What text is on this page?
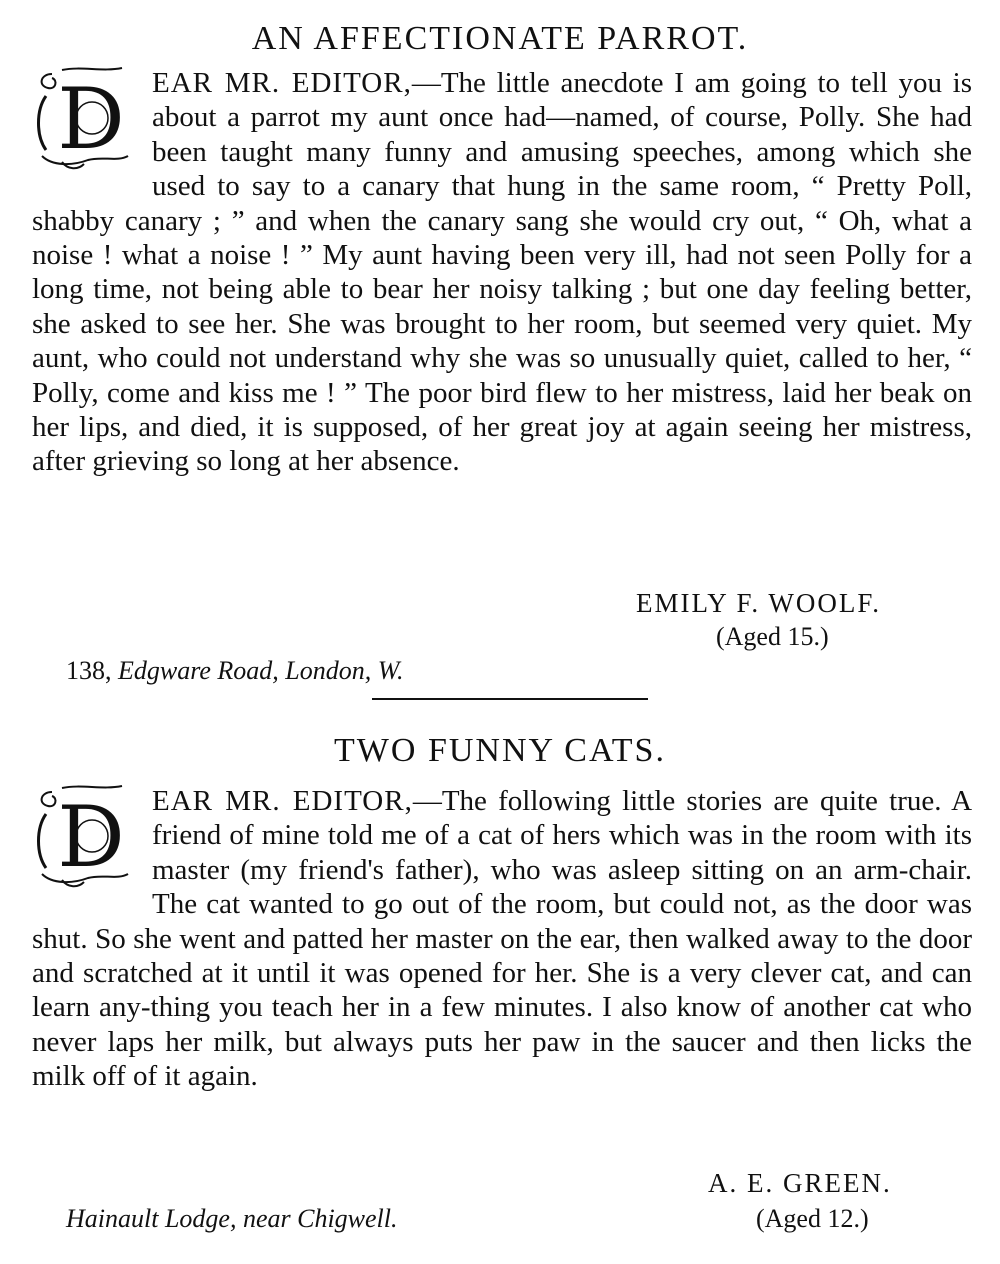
AN AFFECTIONATE PARROT.
D EAR MR. EDITOR,—The little anecdote I am going to tell you is about a parrot my aunt once had—named, of course, Polly. She had been taught many funny and amusing speeches, among which she used to say to a canary that hung in the same room, “ Pretty Poll, shabby canary ; ” and when the canary sang she would cry out, “ Oh, what a noise ! what a noise ! ” My aunt having been very ill, had not seen Polly for a long time, not being able to bear her noisy talking ; but one day feeling better, she asked to see her. She was brought to her room, but seemed very quiet. My aunt, who could not understand why she was so unusually quiet, called to her, “ Polly, come and kiss me ! ” The poor bird flew to her mistress, laid her beak on her lips, and died, it is supposed, of her great joy at again seeing her mistress, after grieving so long at her absence.

EMILY F. WOOLF.
(Aged 15.)
138, Edgware Road, London, W.
TWO FUNNY CATS.
D EAR MR. EDITOR,—The following little stories are quite true. A friend of mine told me of a cat of hers which was in the room with its master (my friend's father), who was asleep sitting on an arm-chair. The cat wanted to go out of the room, but could not, as the door was shut. So she went and patted her master on the ear, then walked away to the door and scratched at it until it was opened for her. She is a very clever cat, and can learn any-thing you teach her in a few minutes. I also know of another cat who never laps her milk, but always puts her paw in the saucer and then licks the milk off of it again.

A. E. GREEN.
Hainault Lodge, near Chigwell.	(Aged 12.)
